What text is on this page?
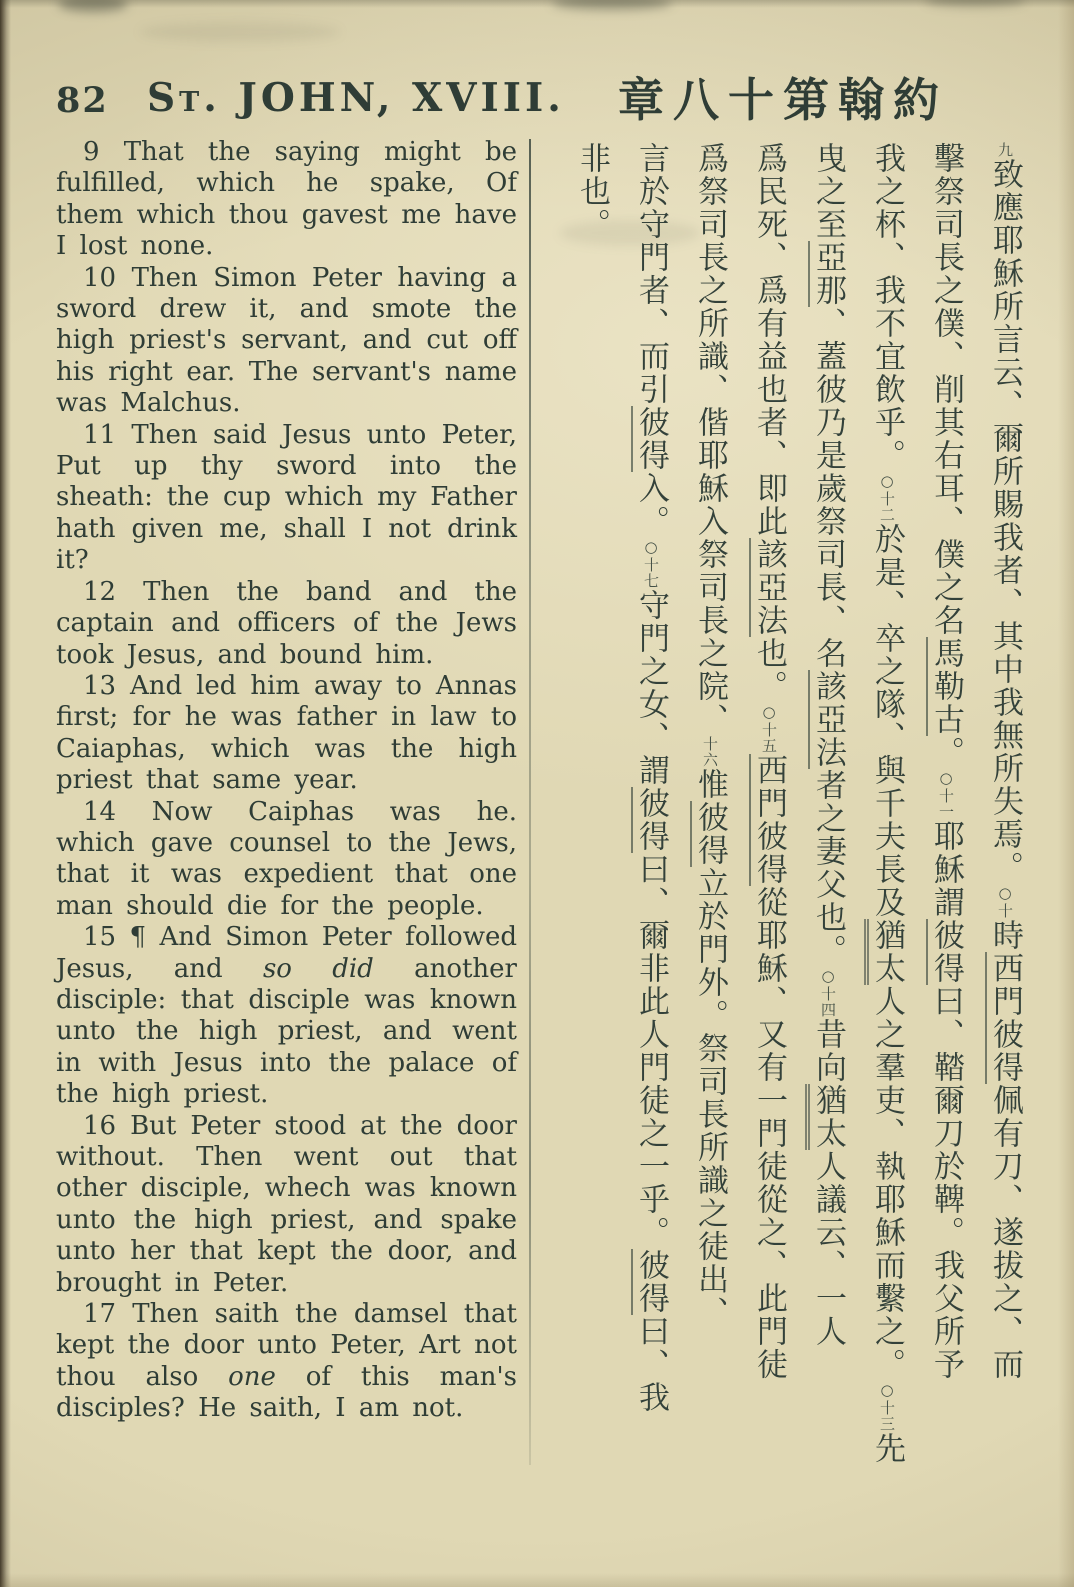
82 St. JOHN, XVIII. 章八十第翰約

9 That the saying might be fulfilled, which he spake, Of them which thou gavest me have I lost none.

10 Then Simon Peter having a sword drew it, and smote the high priest's servant, and cut off his right ear. The servant's name was Malchus.

11 Then said Jesus unto Peter, Put up thy sword into the sheath: the cup which my Father hath given me, shall I not drink it?

12 Then the band and the captain and officers of the Jews took Jesus, and bound him.

13 And led him away to Annas first; for he was father in law to Caiaphas, which was the high priest that same year.

14 Now Caiphas was he. which gave counsel to the Jews, that it was expedient that one man should die for the people.

15 ¶ And Simon Peter followed Jesus, and so did another disciple: that disciple was known unto the high priest, and went in with Jesus into the palace of the high priest.

16 But Peter stood at the door without. Then went out that other disciple, whech was known unto the high priest, and spake unto her that kept the door, and brought in Peter.

17 Then saith the damsel that kept the door unto Peter, Art not thou also one of this man's disciples? He saith, I am not.

九致應耶穌所言云、爾所賜我者、其中我無所失焉。○十時西門彼得佩有刀、遂拔之、而
擊祭司長之僕、削其右耳、僕之名馬勒古。○十一耶穌謂彼得曰、鞜爾刀於鞞。我父所予
我之杯、我不宜飲乎。○十二於是、卒之隊、與千夫長及猶太人之羣吏、執耶穌而繫之。○十三先
曳之至亞那、蓋彼乃是歲祭司長、名該亞法者之妻父也。○十四昔向猶太人議云、一人
爲民死、爲有益也者、即此該亞法也。○十五西門彼得從耶穌、又有一門徒從之、此門徒
爲祭司長之所識、偕耶穌入祭司長之院、十六惟彼得立於門外。祭司長所識之徒出、
言於守門者、而引彼得入。○十七守門之女、謂彼得曰、爾非此人門徒之一乎。彼得曰、我
非也。
